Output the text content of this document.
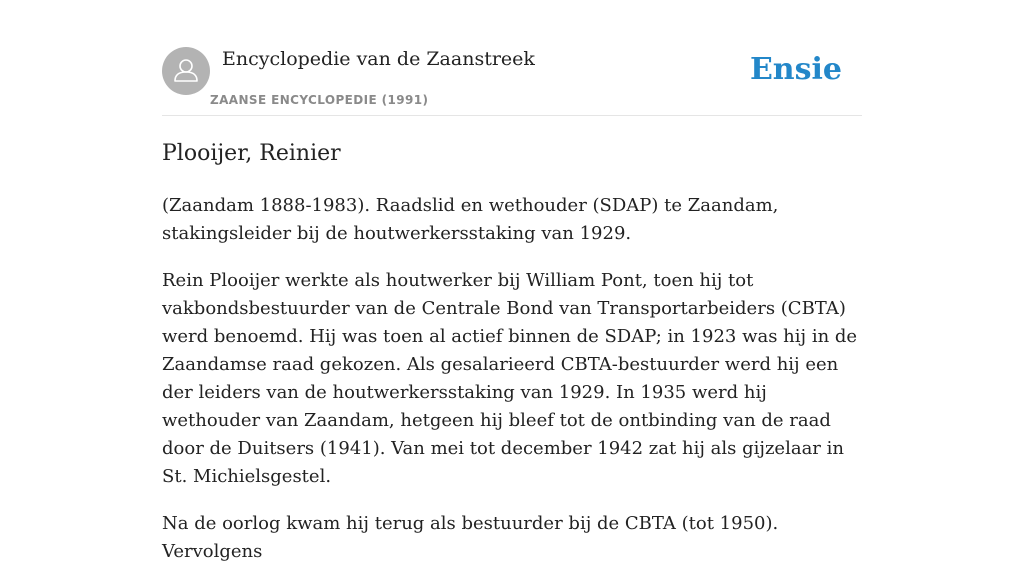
Encyclopedie van de Zaanstreek
ZAANSE ENCYCLOPEDIE (1991)
Ensie
Plooijer, Reinier

(Zaandam 1888-1983). Raadslid en wethouder (SDAP) te Zaandam, stakingsleider bij de houtwerkersstaking van 1929.

Rein Plooijer werkte als houtwerker bij William Pont, toen hij tot vakbondsbestuurder van de Centrale Bond van Transportarbeiders (CBTA) werd benoemd. Hij was toen al actief binnen de SDAP; in 1923 was hij in de Zaandamse raad gekozen. Als gesalarieerd CBTA-bestuurder werd hij een der leiders van de houtwerkersstaking van 1929. In 1935 werd hij wethouder van Zaandam, hetgeen hij bleef tot de ontbinding van de raad door de Duitsers (1941). Van mei tot december 1942 zat hij als gijzelaar in St. Michielsgestel.

Na de oorlog kwam hij terug als bestuurder bij de CBTA (tot 1950). Vervolgens
